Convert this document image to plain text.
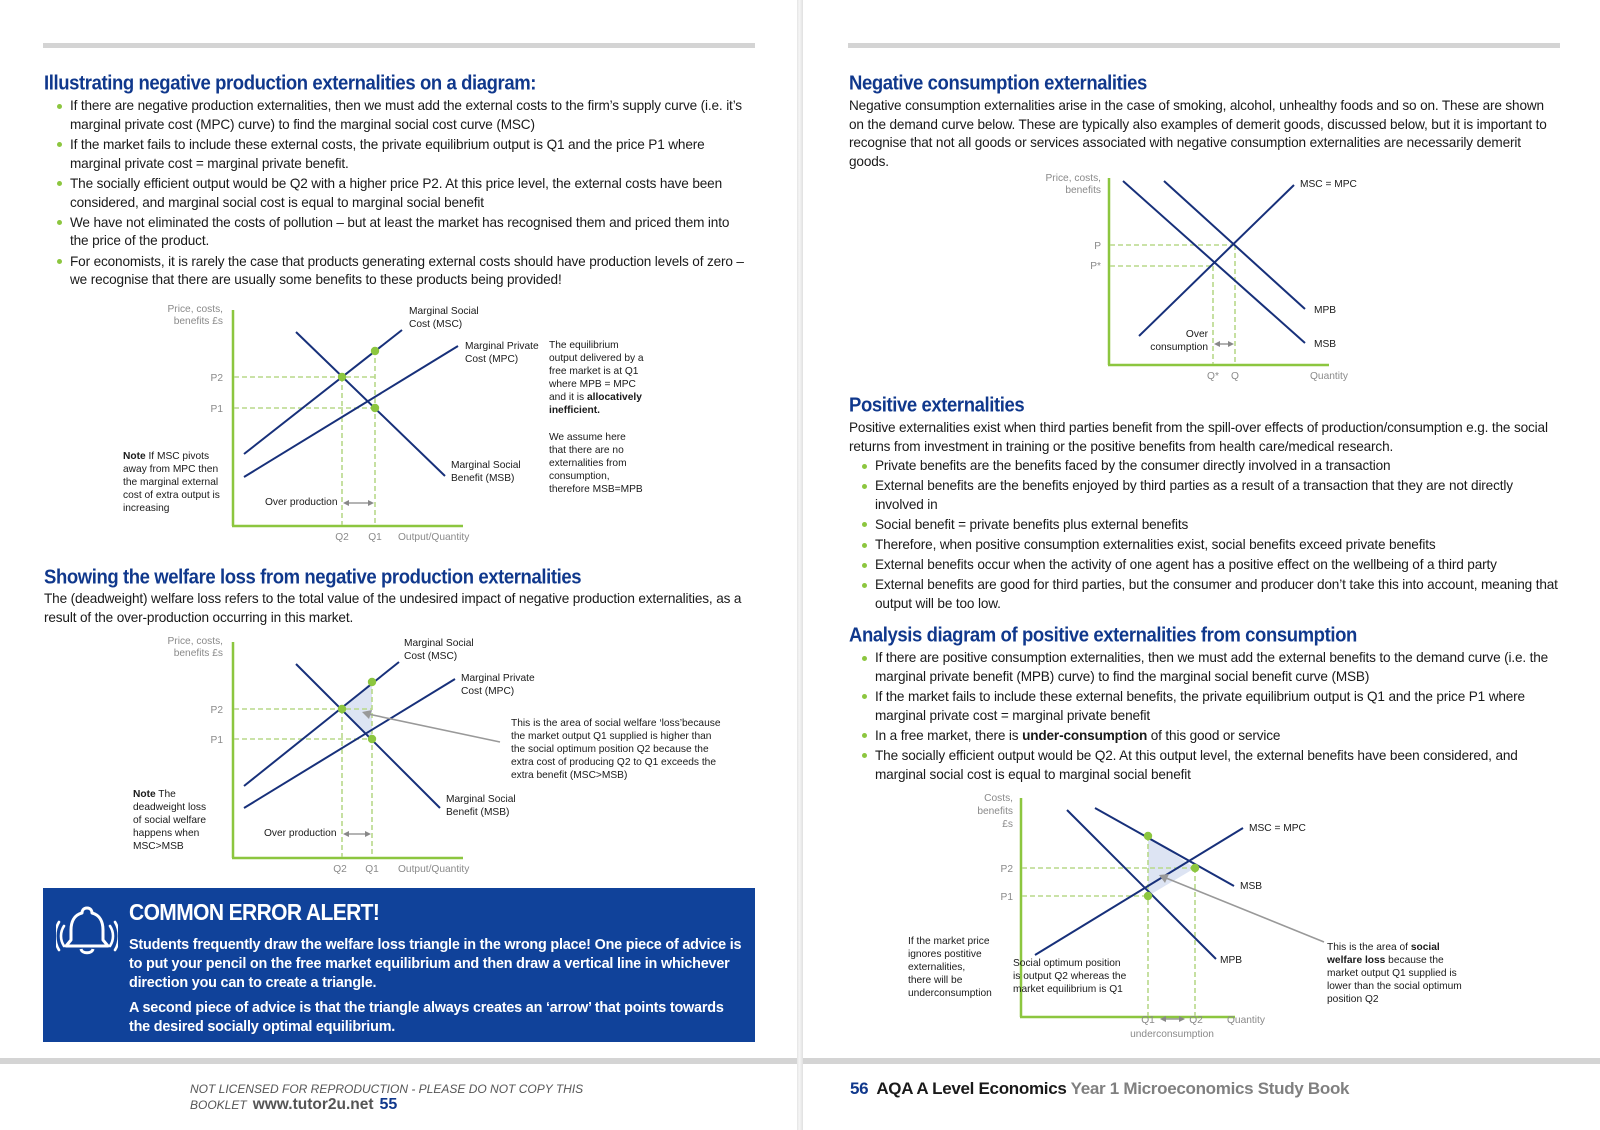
Illustrating negative production externalities on a diagram:
If there are negative production externalities, then we must add the external costs to the firm’s supply curve (i.e. it’s marginal private cost (MPC) curve) to find the marginal social cost curve (MSC)
If the market fails to include these external costs, the private equilibrium output is Q1 and the price P1 where marginal private cost = marginal private benefit.
The socially efficient output would be Q2 with a higher price P2. At this price level, the external costs have been considered, and marginal social cost is equal to marginal social benefit
We have not eliminated the costs of pollution – but at least the market has recognised them and priced them into the price of the product.
For economists, it is rarely the case that products generating external costs should have production levels of zero – we recognise that there are usually some benefits to these products being provided!
Price, costs,
benefits £s
P2
P1
Q2 Q1 Output/Quantity
Marginal Social
Cost (MSC)
Marginal Private
Cost (MPC)
Marginal Social
Benefit (MSB)
Over production
Note If MSC pivots
away from MPC then
the marginal external
cost of extra output is
increasing
The equilibrium
output delivered by a
free market is at Q1
where MPB = MPC
and it is allocatively
inefficient.
We assume here
that there are no
externalities from
consumption,
therefore MSB=MPB
Showing the welfare loss from negative production externalities

The (deadweight) welfare loss refers to the total value of the undesired impact of negative production externalities, as a result of the over-production occurring in this market.

Price, costs,
benefits £s
P2
P1
Q2 Q1 Output/Quantity
Marginal Social
Cost (MSC)
Marginal Private
Cost (MPC)
Marginal Social
Benefit (MSB)
Over production
Note The
deadweight loss
of social welfare
happens when
MSC>MSB
This is the area of social welfare ‘loss’because
the market output Q1 supplied is higher than
the social optimum position Q2 because the
extra cost of producing Q2 to Q1 exceeds the
extra benefit (MSC>MSB)
COMMON ERROR ALERT!

Students frequently draw the welfare loss triangle in the wrong place! One piece of advice is to put your pencil on the free market equilibrium and then draw a vertical line in whichever direction you can to create a triangle.

A second piece of advice is that the triangle always creates an ‘arrow’ that points towards the desired socially optimal equilibrium.

NOT LICENSED FOR REPRODUCTION - PLEASE DO NOT COPY THIS BOOKLET www.tutor2u.net 55
Negative consumption externalities

Negative consumption externalities arise in the case of smoking, alcohol, unhealthy foods and so on. These are shown on the demand curve below. These are typically also examples of demerit goods, discussed below, but it is important to recognise that not all goods or services associated with negative consumption externalities are necessarily demerit goods.

Price, costs,
benefits
P
P*
Q* Q	Quantity
MSC = MPC
MPB
MSB
Over
consumption
Positive externalities

Positive externalities exist when third parties benefit from the spill-over effects of production/consumption e.g. the social returns from investment in training or the positive benefits from health care/medical research.

Private benefits are the benefits faced by the consumer directly involved in a transaction
External benefits are the benefits enjoyed by third parties as a result of a transaction that they are not directly involved in
Social benefit = private benefits plus external benefits
Therefore, when positive consumption externalities exist, social benefits exceed private benefits
External benefits occur when the activity of one agent has a positive effect on the wellbeing of a third party
External benefits are good for third parties, but the consumer and producer don’t take this into account, meaning that output will be too low.
Analysis diagram of positive externalities from consumption
If there are positive consumption externalities, then we must add the external benefits to the demand curve (i.e. the marginal private benefit (MPB) curve) to find the marginal social benefit curve (MSB)
If the market fails to include these external benefits, the private equilibrium output is Q1 and the price P1 where marginal private cost = marginal private benefit
In a free market, there is under-consumption of this good or service
The socially efficient output would be Q2. At this output level, the external benefits have been considered, and marginal social cost is equal to marginal social benefit
Costs,
benefits
£s
P2
P1
Q1	Q2
underconsumption
Quantity
MSC = MPC
MSB
MPB
If the market price
ignores postitive
externalities,
there will be
underconsumption
Social optimum position
is output Q2 whereas the
market equilibrium is Q1
This is the area of social
welfare loss because the
market output Q1 supplied is
lower than the social optimum
position Q2
56 AQA A Level Economics Year 1 Microeconomics Study Book
